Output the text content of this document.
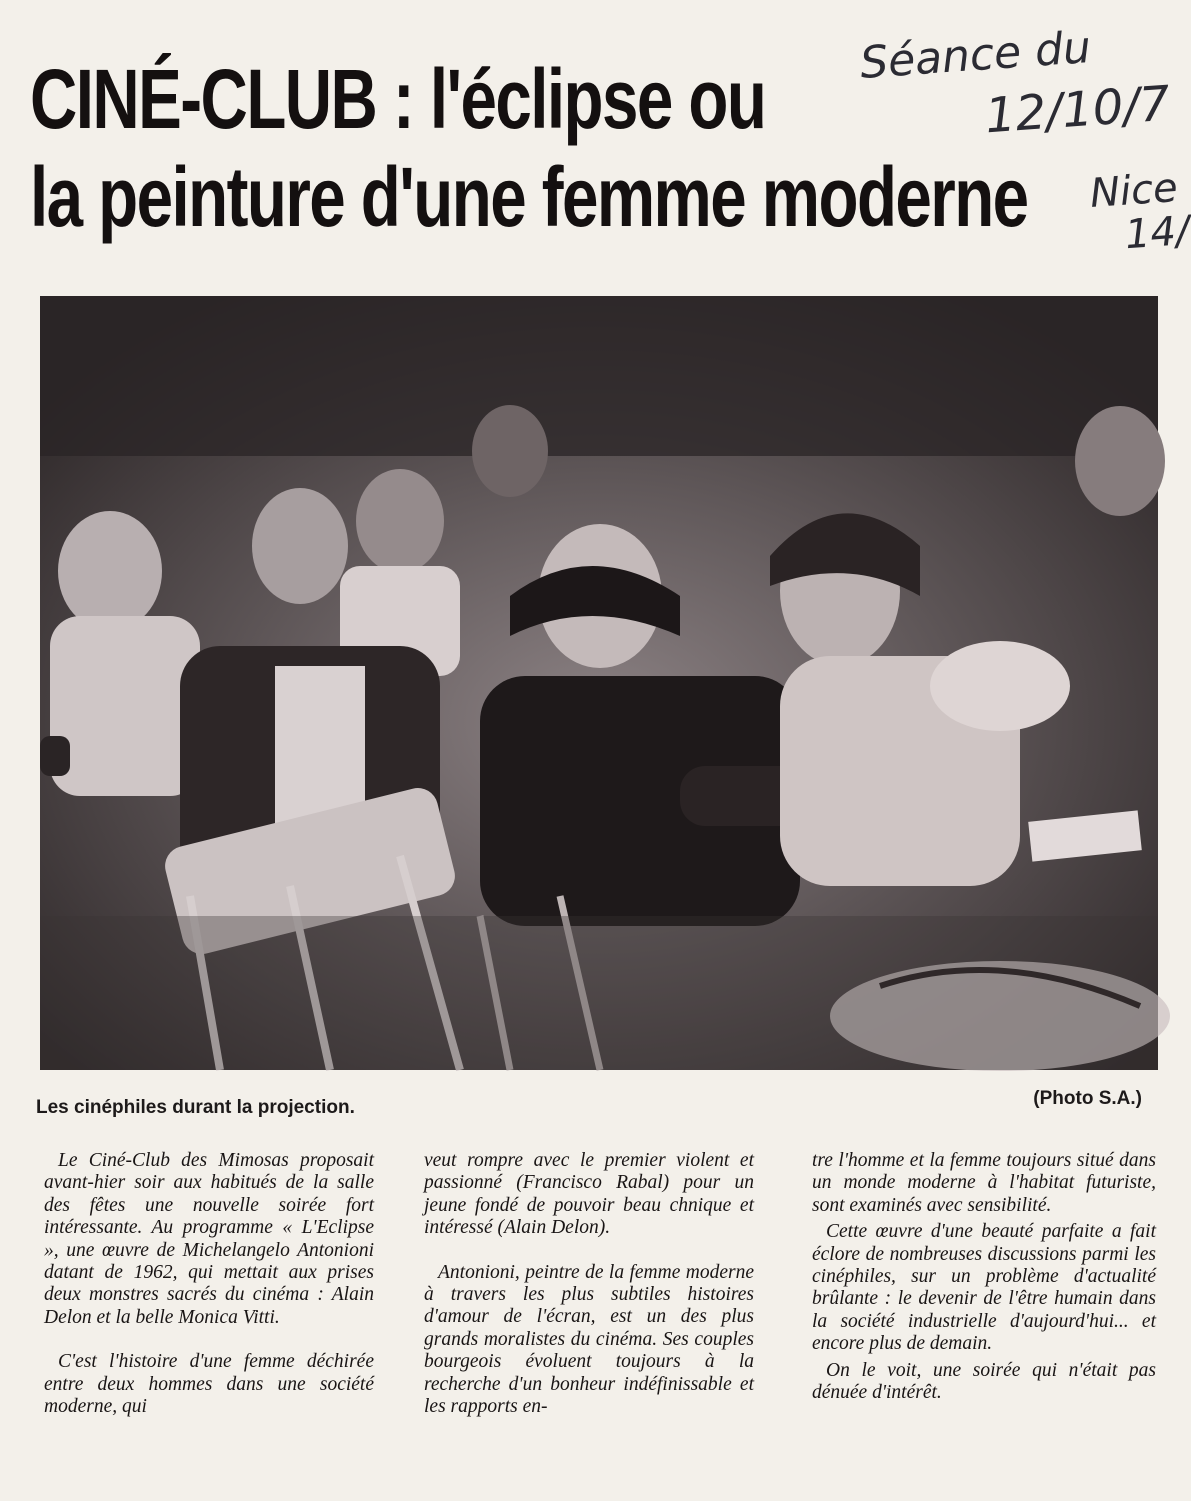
CINÉ-CLUB : l'éclipse ou
la peinture d'une femme moderne
Séance du
12/10/7
Nice
14/
Les cinéphiles durant la projection.	(Photo S.A.)

Le Ciné-Club des Mimosas proposait avant-hier soir aux habitués de la salle des fêtes une nouvelle soirée fort intéressante. Au programme « L'Eclipse », une œuvre de Michelangelo Antonioni datant de 1962, qui mettait aux prises deux monstres sacrés du cinéma : Alain Delon et la belle Monica Vitti.

C'est l'histoire d'une femme déchirée entre deux hommes dans une société moderne, qui

veut rompre avec le premier violent et passionné (Francisco Rabal) pour un jeune fondé de pouvoir beau chnique et intéressé (Alain Delon).

Antonioni, peintre de la femme moderne à travers les plus subtiles histoires d'amour de l'écran, est un des plus grands moralistes du cinéma. Ses couples bourgeois évoluent toujours à la recherche d'un bonheur indéfinissable et les rapports en-

tre l'homme et la femme toujours situé dans un monde moderne à l'habitat futuriste, sont examinés avec sensibilité.

Cette œuvre d'une beauté parfaite a fait éclore de nombreuses discussions parmi les cinéphiles, sur un problème d'actualité brûlante : le devenir de l'être humain dans la société industrielle d'aujourd'hui... et encore plus de demain.

On le voit, une soirée qui n'était pas dénuée d'intérêt.
